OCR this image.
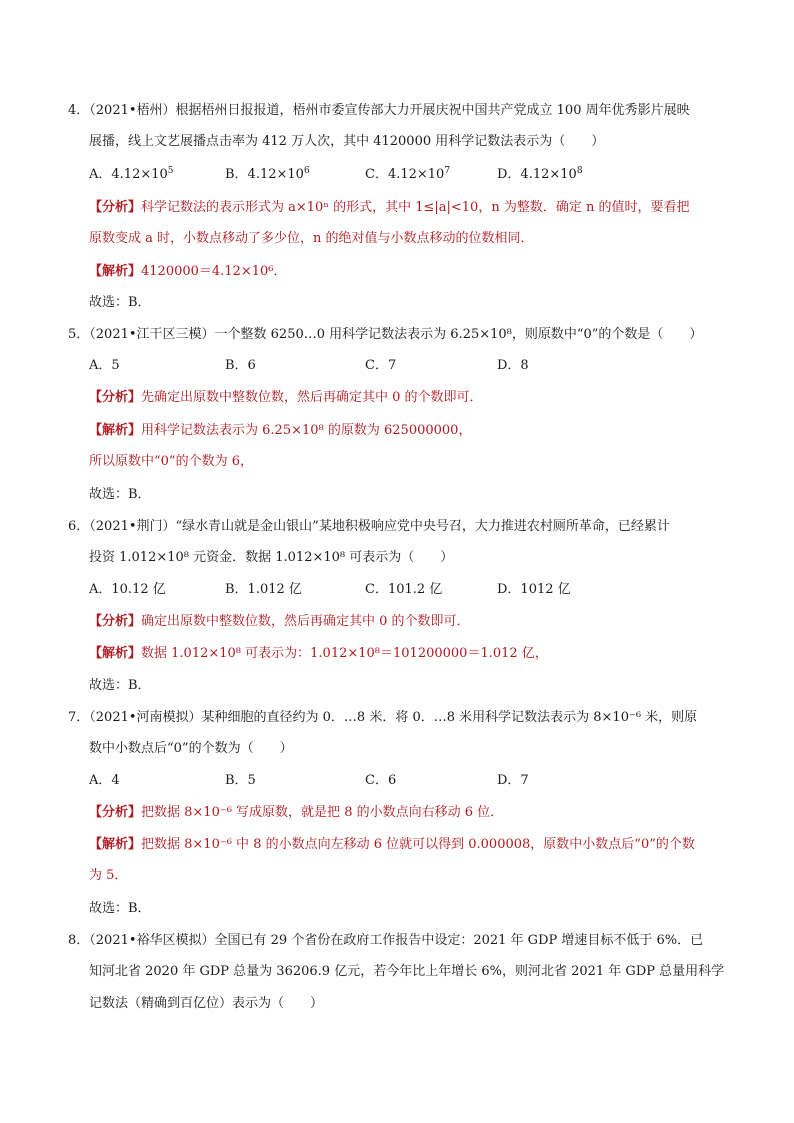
4．（2021•梧州）根据梧州日报报道，梧州市委宣传部大力开展庆祝中国共产党成立 100 周年优秀影片展映
展播，线上文艺展播点击率为 412 万人次，其中 4120000 用科学记数法表示为（　　）
A．$4.12\times 10^5$	B．$4.12\times 10^6$	C．$4.12\times 10^7$	D．$4.12\times 10^8$
【分析】科学记数法的表示形式为 a×10ⁿ 的形式，其中 1≤|a|<10，n 为整数．确定 n 的值时，要看把
原数变成 a 时，小数点移动了多少位，n 的绝对值与小数点移动的位数相同．
【解析】4120000＝4.12×10⁶．
故选：B．
5．（2021•江干区三模）一个整数 6250…0 用科学记数法表示为 6.25×10⁸，则原数中“0”的个数是（　　）
A．5	B．6	C．7	D．8
【分析】先确定出原数中整数位数，然后再确定其中 0 的个数即可．
【解析】用科学记数法表示为 6.25×10⁸ 的原数为 625000000，
所以原数中“0”的个数为 6，
故选：B．
6．（2021•荆门）“绿水青山就是金山银山”某地积极响应党中央号召，大力推进农村厕所革命，已经累计
投资 1.012×10⁸ 元资金．数据 1.012×10⁸ 可表示为（　　）
A．10.12 亿	B．1.012 亿	C．101.2 亿	D．1012 亿
【分析】确定出原数中整数位数，然后再确定其中 0 的个数即可．
【解析】数据 1.012×10⁸ 可表示为：1.012×10⁸＝101200000＝1.012 亿，
故选：B．
7．（2021•河南模拟）某种细胞的直径约为 0．…8 米．将 0．…8 米用科学记数法表示为 8×10⁻⁶ 米，则原
数中小数点后“0”的个数为（　　）
A．4	B．5	C．6	D．7
【分析】把数据 8×10⁻⁶ 写成原数，就是把 8 的小数点向右移动 6 位．
【解析】把数据 8×10⁻⁶ 中 8 的小数点向左移动 6 位就可以得到 0.000008，原数中小数点后“0”的个数
为 5．
故选：B．
8．（2021•裕华区模拟）全国已有 29 个省份在政府工作报告中设定：2021 年 GDP 增速目标不低于 6%．已
知河北省 2020 年 GDP 总量为 36206.9 亿元，若今年比上年增长 6%，则河北省 2021 年 GDP 总量用科学
记数法（精确到百亿位）表示为（　　）
